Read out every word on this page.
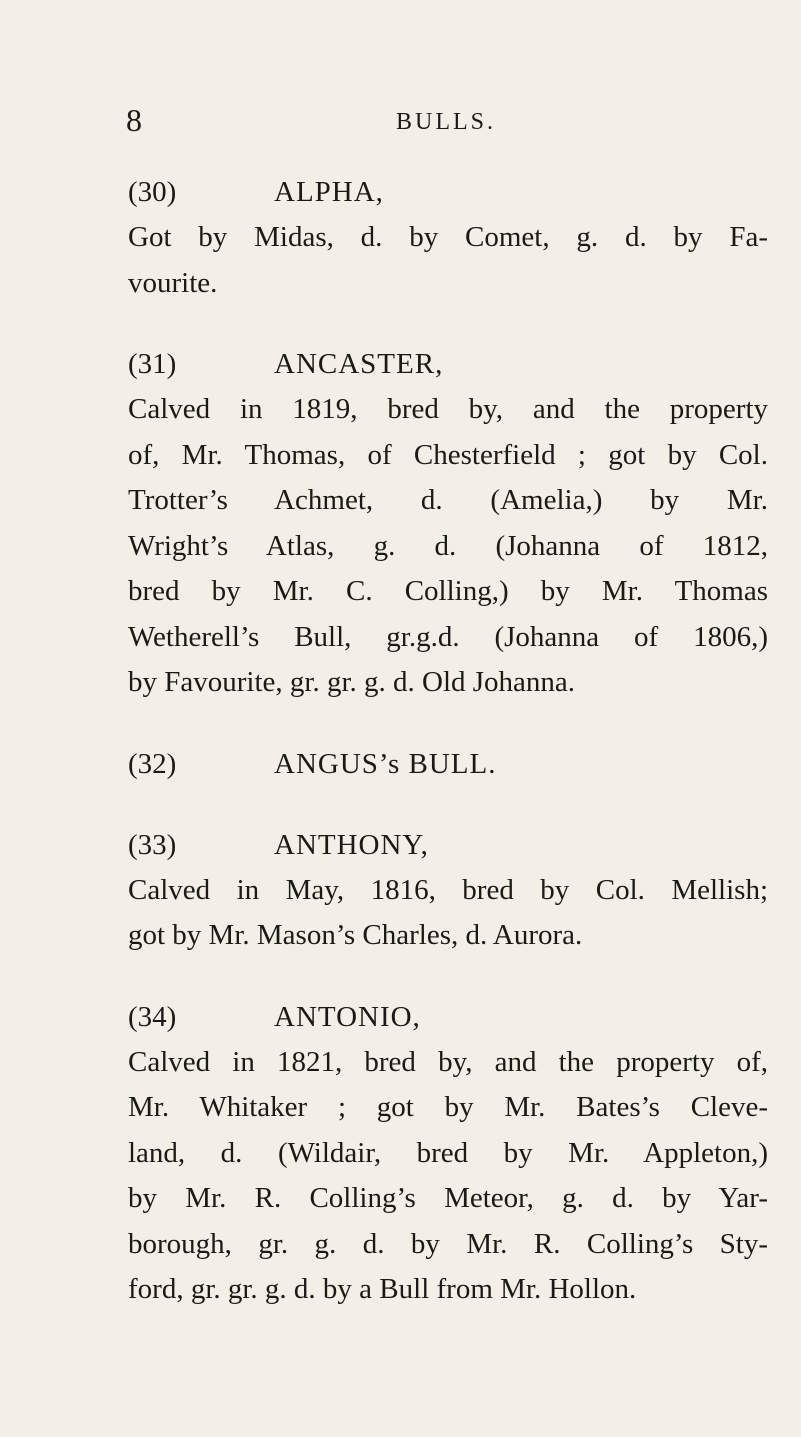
8	BULLS.
(30)	ALPHA,
Got by Midas, d. by Comet, g. d. by Fa-
vourite.
(31)	ANCASTER,
Calved in 1819, bred by, and the property
of, Mr. Thomas, of Chesterfield ; got by Col.
Trotter’s Achmet, d. (Amelia,) by Mr.
Wright’s Atlas, g. d. (Johanna of 1812,
bred by Mr. C. Colling,) by Mr. Thomas
Wetherell’s Bull, gr.g.d. (Johanna of 1806,)
by Favourite, gr. gr. g. d. Old Johanna.
(32)	ANGUS’s BULL.
(33)	ANTHONY,
Calved in May, 1816, bred by Col. Mellish;
got by Mr. Mason’s Charles, d. Aurora.
(34)	ANTONIO,
Calved in 1821, bred by, and the property of,
Mr. Whitaker ; got by Mr. Bates’s Cleve-
land, d. (Wildair, bred by Mr. Appleton,)
by Mr. R. Colling’s Meteor, g. d. by Yar-
borough, gr. g. d. by Mr. R. Colling’s Sty-
ford, gr. gr. g. d. by a Bull from Mr. Hollon.
